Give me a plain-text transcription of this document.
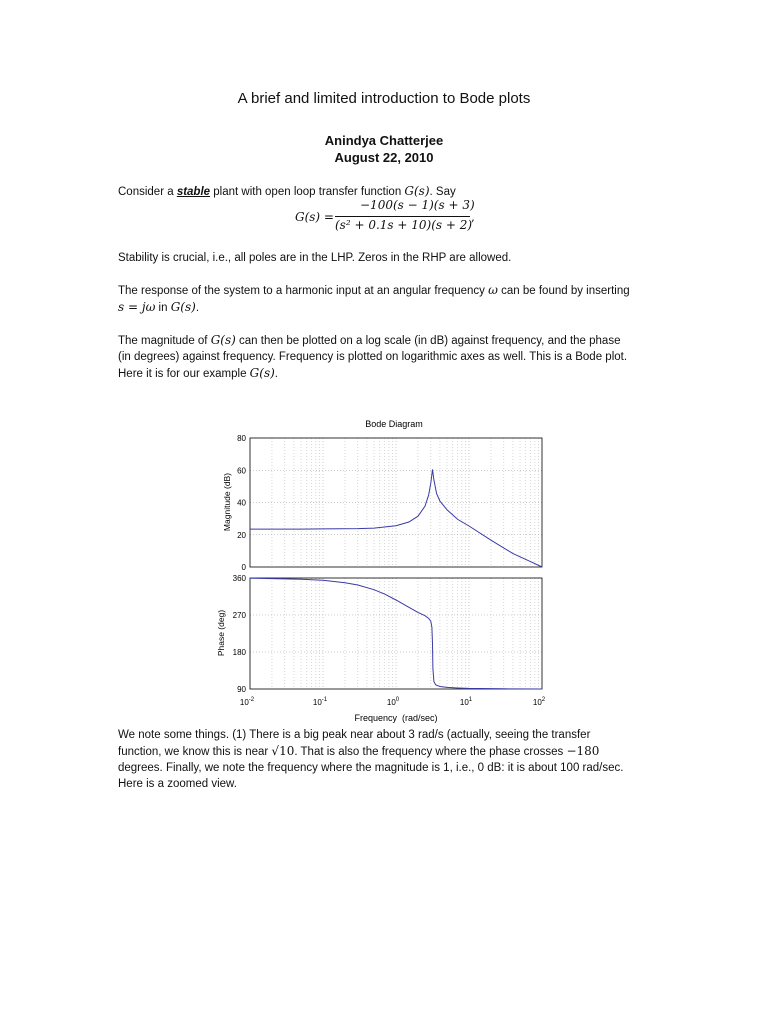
A brief and limited introduction to Bode plots
Anindya Chatterjee
August 22, 2010
Consider a stable plant with open loop transfer function G(s). Say
G(s) =
−100(s − 1)(s + 3)
(s² + 0.1s + 10)(s + 2)
,
Stability is crucial, i.e., all poles are in the LHP. Zeros in the RHP are allowed.
The response of the system to a harmonic input at an angular frequency ω can be found by inserting
s = jω in G(s).
The magnitude of G(s) can then be plotted on a log scale (in dB) against frequency, and the phase
(in degrees) against frequency. Frequency is plotted on logarithmic axes as well. This is a Bode plot.
Here it is for our example G(s).
Bode Diagram
0
20
40
60
80
90
180
270
360
$10^{-2}$	$10^{-1}$	$10^0$	$10^1$	$10^2$
Magnitude (dB)
Phase (deg)
Frequency  (rad/sec)
We note some things. (1) There is a big peak near about 3 rad/s (actually, seeing the transfer
function, we know this is near √10. That is also the frequency where the phase crosses −180
degrees. Finally, we note the frequency where the magnitude is 1, i.e., 0 dB: it is about 100 rad/sec.
Here is a zoomed view.
